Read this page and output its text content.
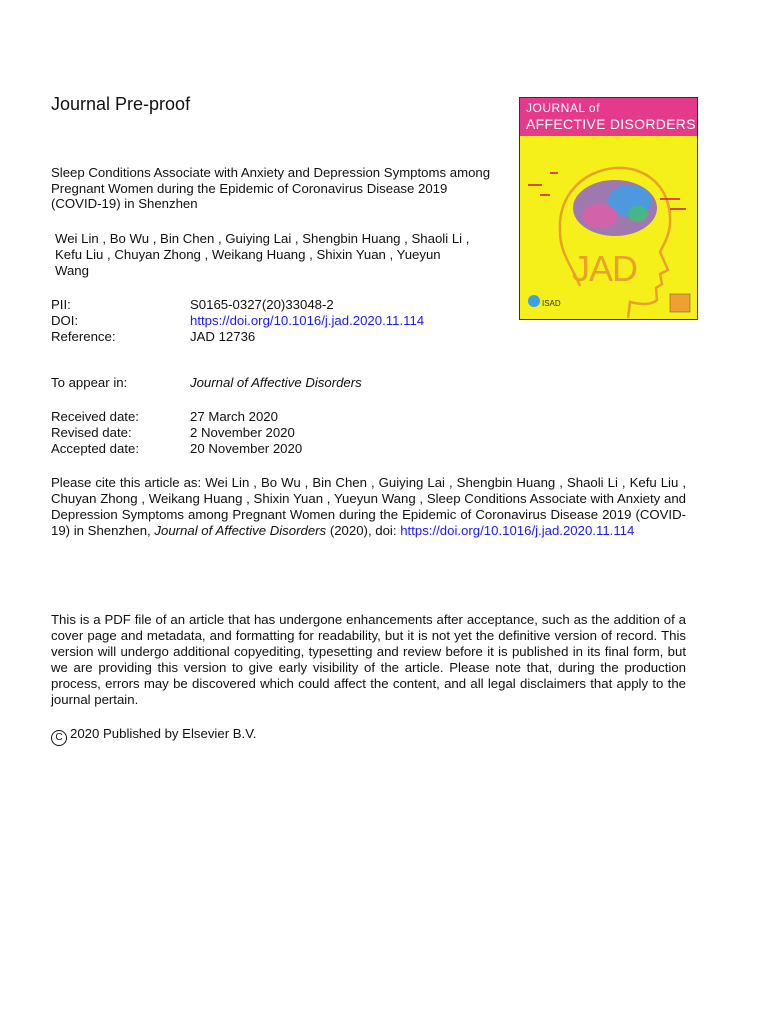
Journal Pre-proof
Sleep Conditions Associate with Anxiety and Depression Symptoms among Pregnant Women during the Epidemic of Coronavirus Disease 2019 (COVID-19) in Shenzhen
Wei Lin , Bo Wu , Bin Chen , Guiying Lai , Shengbin Huang , Shaoli Li , Kefu Liu , Chuyan Zhong , Weikang Huang , Shixin Yuan , Yueyun Wang
PII:	S0165-0327(20)33048-2
DOI:	https://doi.org/10.1016/j.jad.2020.11.114
Reference:	JAD 12736
To appear in:	Journal of Affective Disorders
Received date:	27 March 2020
Revised date:	2 November 2020
Accepted date:	20 November 2020
Please cite this article as: Wei Lin , Bo Wu , Bin Chen , Guiying Lai , Shengbin Huang , Shaoli Li , Kefu Liu , Chuyan Zhong , Weikang Huang , Shixin Yuan , Yueyun Wang , Sleep Conditions Associate with Anxiety and Depression Symptoms among Pregnant Women during the Epidemic of Coronavirus Disease 2019 (COVID-19) in Shenzhen, Journal of Affective Disorders (2020), doi: https://doi.org/10.1016/j.jad.2020.11.114
This is a PDF file of an article that has undergone enhancements after acceptance, such as the addition of a cover page and metadata, and formatting for readability, but it is not yet the definitive version of record. This version will undergo additional copyediting, typesetting and review before it is published in its final form, but we are providing this version to give early visibility of the article. Please note that, during the production process, errors may be discovered which could affect the content, and all legal disclaimers that apply to the journal pertain.
C 2020 Published by Elsevier B.V.
JOURNAL of
AFFECTIVE DISORDERS
ISAD
JAD
